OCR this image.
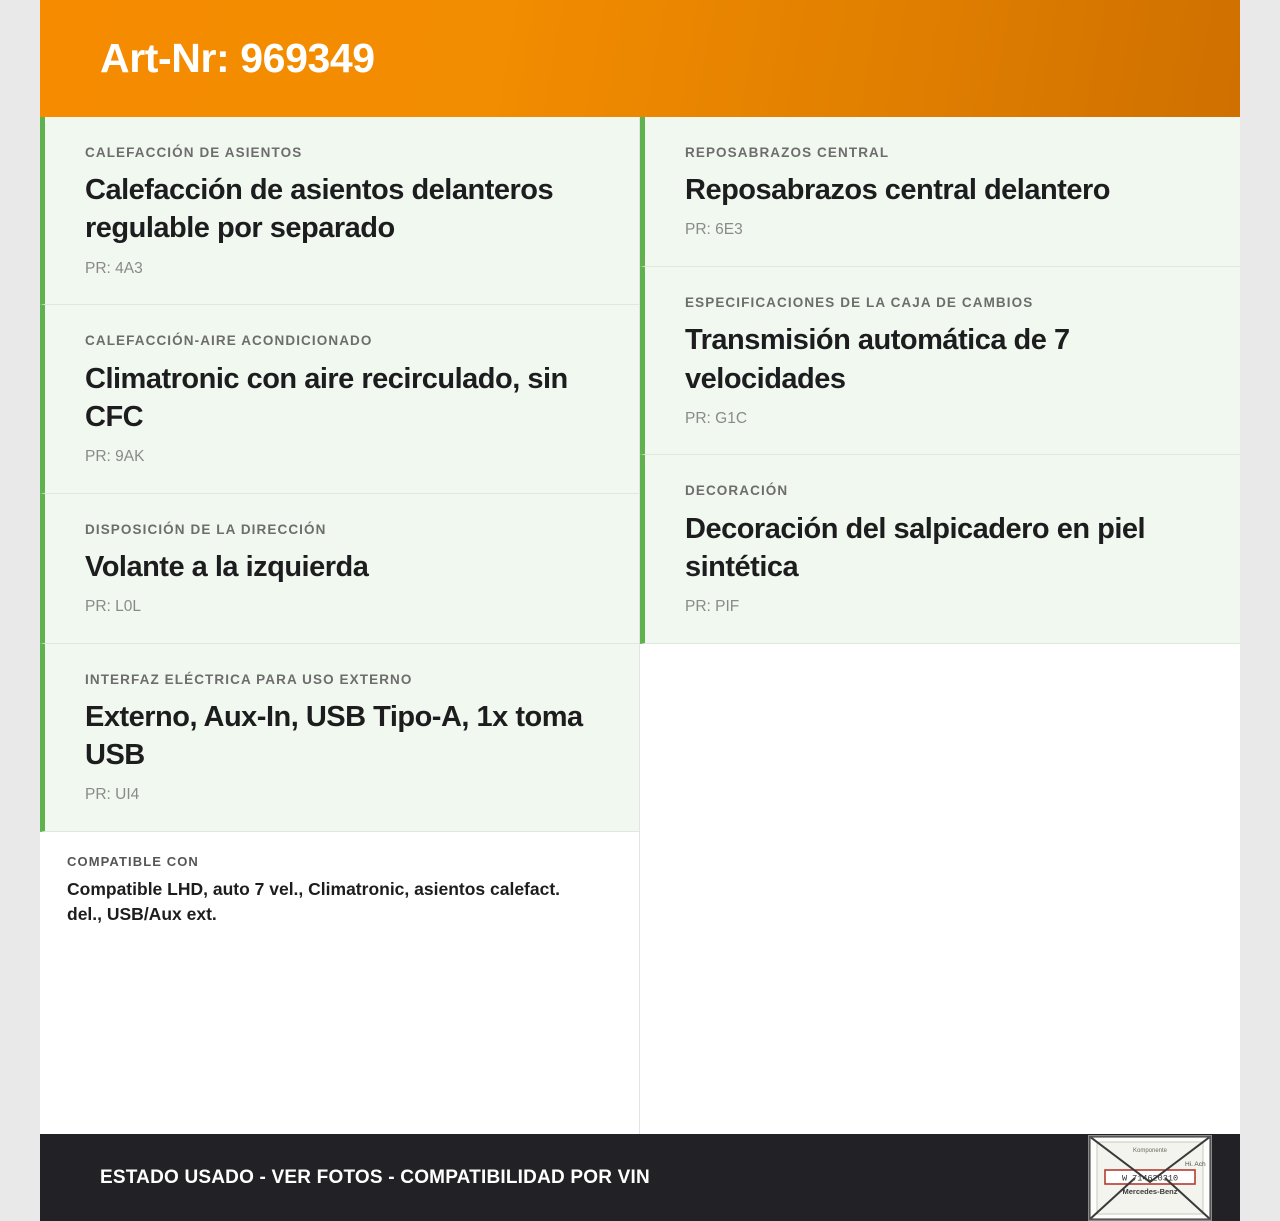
Art-Nr: 969349

CALEFACCIÓN DE ASIENTOS

Calefacción de asientos delanteros regulable por separado

PR: 4A3

CALEFACCIÓN-AIRE ACONDICIONADO

Climatronic con aire recirculado, sin CFC

PR: 9AK

DISPOSICIÓN DE LA DIRECCIÓN

Volante a la izquierda

PR: L0L

INTERFAZ ELÉCTRICA PARA USO EXTERNO

Externo, Aux-In, USB Tipo-A, 1x toma USB

PR: UI4

COMPATIBLE CON

Compatible LHD, auto 7 vel., Climatronic, asientos calefact. del., USB/Aux ext.

REPOSABRAZOS CENTRAL

Reposabrazos central delantero

PR: 6E3

ESPECIFICACIONES DE LA CAJA DE CAMBIOS

Transmisión automática de 7 velocidades

PR: G1C

DECORACIÓN

Decoración del salpicadero en piel sintética

PR: PIF

ESTADO USADO - VER FOTOS - COMPATIBILIDAD POR VIN
Komponente
Hi. Ach
W 714620310
Mercedes-Benz
